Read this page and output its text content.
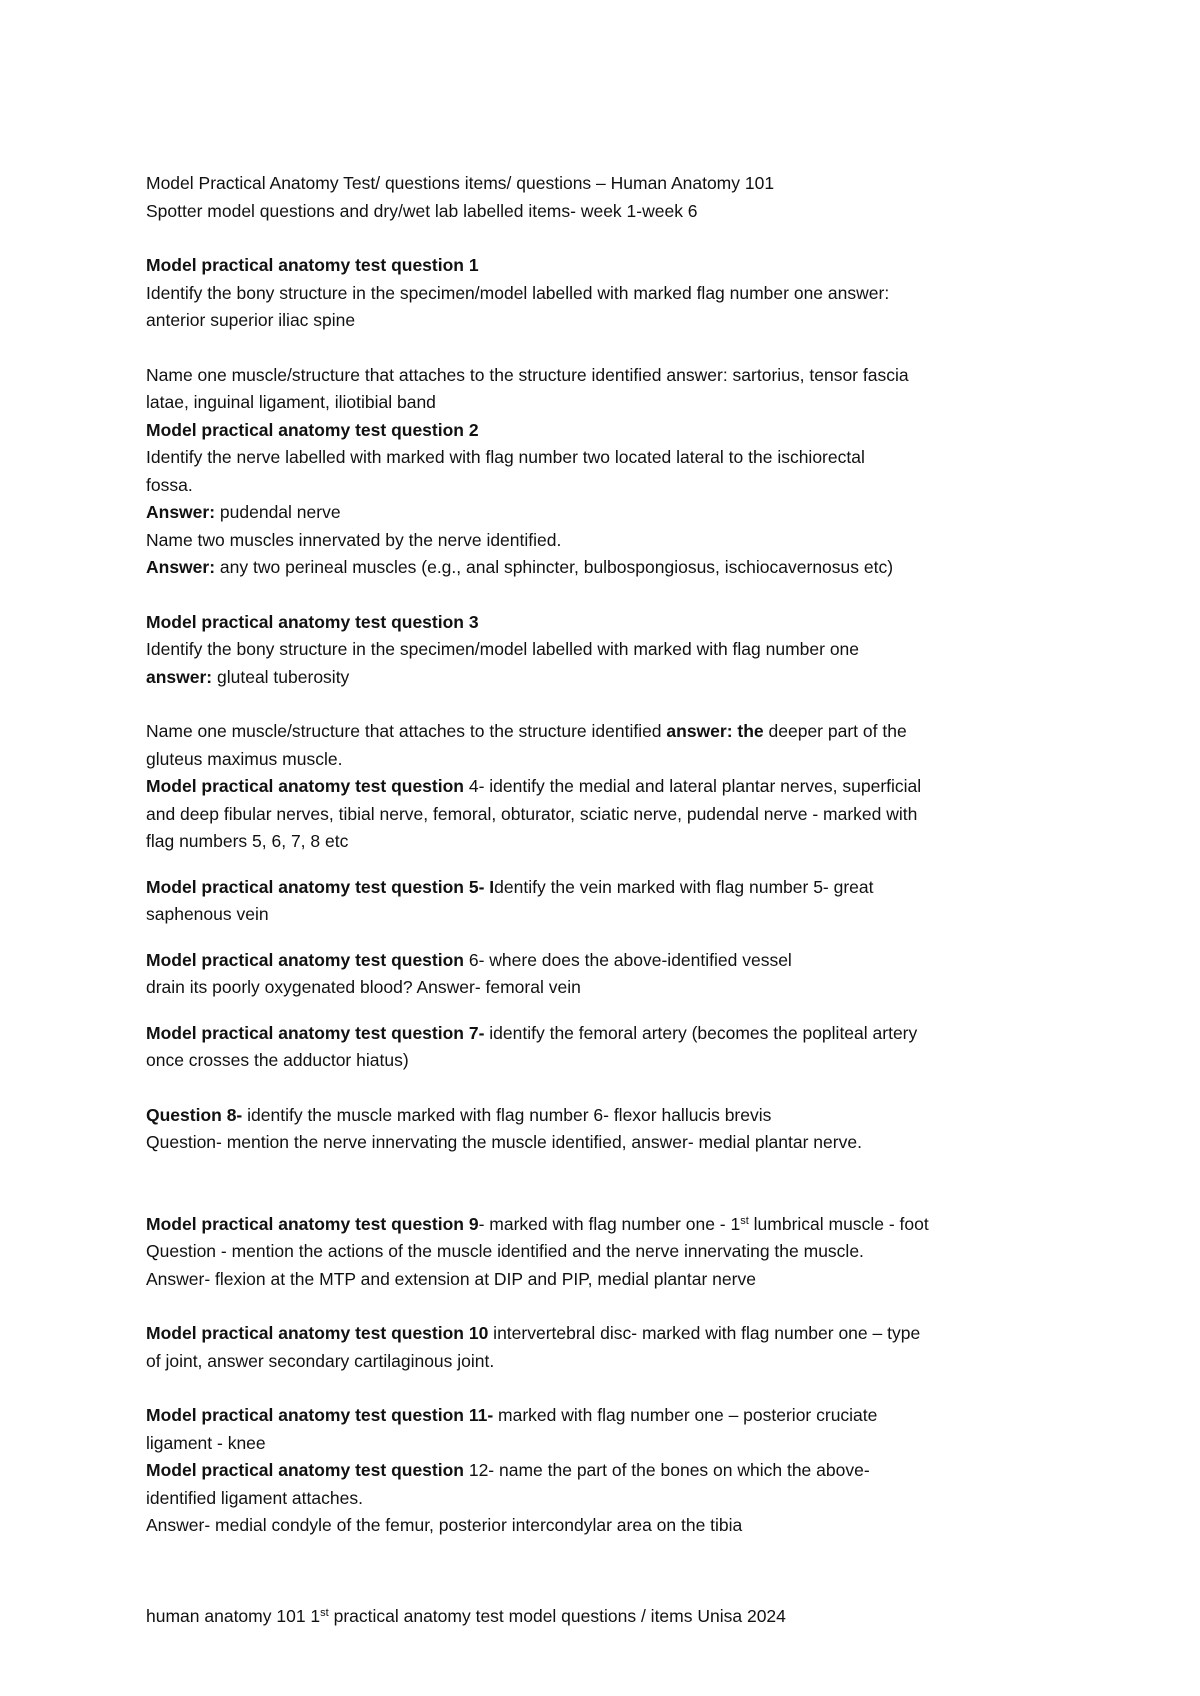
Model Practical Anatomy Test/ questions items/ questions – Human Anatomy 101
Spotter model questions and dry/wet lab labelled items- week 1-week 6
Model practical anatomy test question 1
Identify the bony structure in the specimen/model labelled with marked flag number one answer:
anterior superior iliac spine
Name one muscle/structure that attaches to the structure identified answer: sartorius, tensor fascia
latae, inguinal ligament, iliotibial band
Model practical anatomy test question 2
Identify the nerve labelled with marked with flag number two located lateral to the ischiorectal
fossa.
Answer: pudendal nerve
Name two muscles innervated by the nerve identified.
Answer: any two perineal muscles (e.g., anal sphincter, bulbospongiosus, ischiocavernosus etc)
Model practical anatomy test question 3
Identify the bony structure in the specimen/model labelled with marked with flag number one
answer: gluteal tuberosity
Name one muscle/structure that attaches to the structure identified answer: the deeper part of the
gluteus maximus muscle.
Model practical anatomy test question 4- identify the medial and lateral plantar nerves, superficial
and deep fibular nerves, tibial nerve, femoral, obturator, sciatic nerve, pudendal nerve - marked with
flag numbers 5, 6, 7, 8 etc
Model practical anatomy test question 5- Identify the vein marked with flag number 5- great
saphenous vein
Model practical anatomy test question 6- where does the above-identified vessel
drain its poorly oxygenated blood? Answer- femoral vein
Model practical anatomy test question 7- identify the femoral artery (becomes the popliteal artery
once crosses the adductor hiatus)
Question 8- identify the muscle marked with flag number 6- flexor hallucis brevis
Question- mention the nerve innervating the muscle identified, answer- medial plantar nerve.
Model practical anatomy test question 9- marked with flag number one - 1st lumbrical muscle - foot
Question - mention the actions of the muscle identified and the nerve innervating the muscle.
Answer- flexion at the MTP and extension at DIP and PIP, medial plantar nerve
Model practical anatomy test question 10 intervertebral disc- marked with flag number one – type
of joint, answer secondary cartilaginous joint.
Model practical anatomy test question 11- marked with flag number one – posterior cruciate
ligament - knee
Model practical anatomy test question 12- name the part of the bones on which the above-
identified ligament attaches.
Answer- medial condyle of the femur, posterior intercondylar area on the tibia
human anatomy 101 1st practical anatomy test model questions / items Unisa 2024
